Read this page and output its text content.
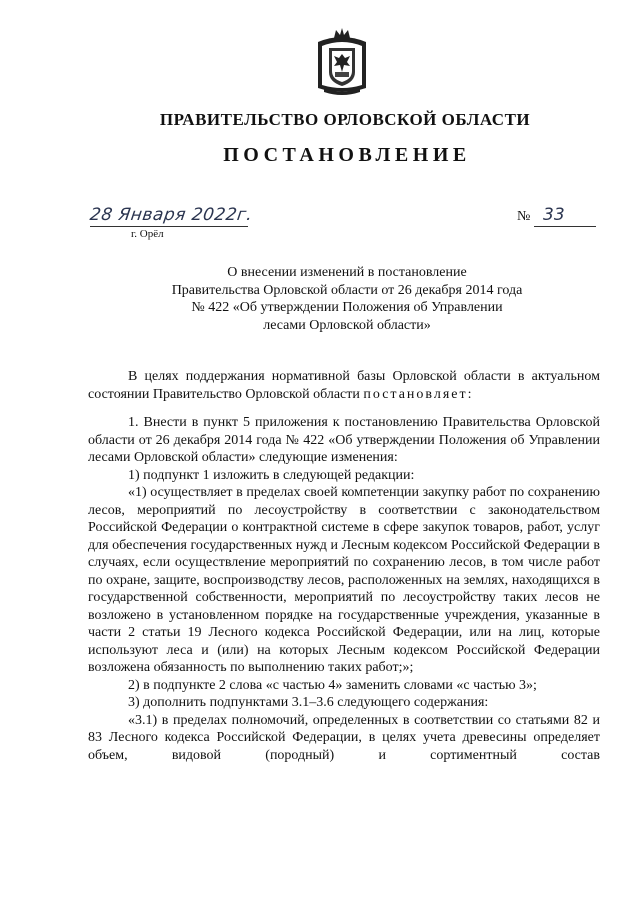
ПРАВИТЕЛЬСТВО ОРЛОВСКОЙ ОБЛАСТИ
ПОСТАНОВЛЕНИЕ
28 Января 2022г.
г. Орёл
№ 33
О внесении изменений в постановление
Правительства Орловской области от 26 декабря 2014 года
№ 422 «Об утверждении Положения об Управлении
лесами Орловской области»

В целях поддержания нормативной базы Орловской области в актуальном состоянии Правительство Орловской области постановляет:

1. Внести в пункт 5 приложения к постановлению Правительства Орловской области от 26 декабря 2014 года № 422 «Об утверждении Положения об Управлении лесами Орловской области» следующие изменения:

1) подпункт 1 изложить в следующей редакции:

«1) осуществляет в пределах своей компетенции закупку работ по сохранению лесов, мероприятий по лесоустройству в соответствии с законодательством Российской Федерации о контрактной системе в сфере закупок товаров, работ, услуг для обеспечения государственных нужд и Лесным кодексом Российской Федерации в случаях, если осуществление мероприятий по сохранению лесов, в том числе работ по охране, защите, воспроизводству лесов, расположенных на землях, находящихся в государственной собственности, мероприятий по лесоустройству таких лесов не возложено в установленном порядке на государственные учреждения, указанные в части 2 статьи 19 Лесного кодекса Российской Федерации, или на лиц, которые используют леса и (или) на которых Лесным кодексом Российской Федерации возложена обязанность по выполнению таких работ;»;

2) в подпункте 2 слова «с частью 4» заменить словами «с частью 3»;

3) дополнить подпунктами 3.1–3.6 следующего содержания:

«3.1) в пределах полномочий, определенных в соответствии со статьями 82 и 83 Лесного кодекса Российской Федерации, в целях учета древесины определяет объем, видовой (породный) и сортиментный состав
